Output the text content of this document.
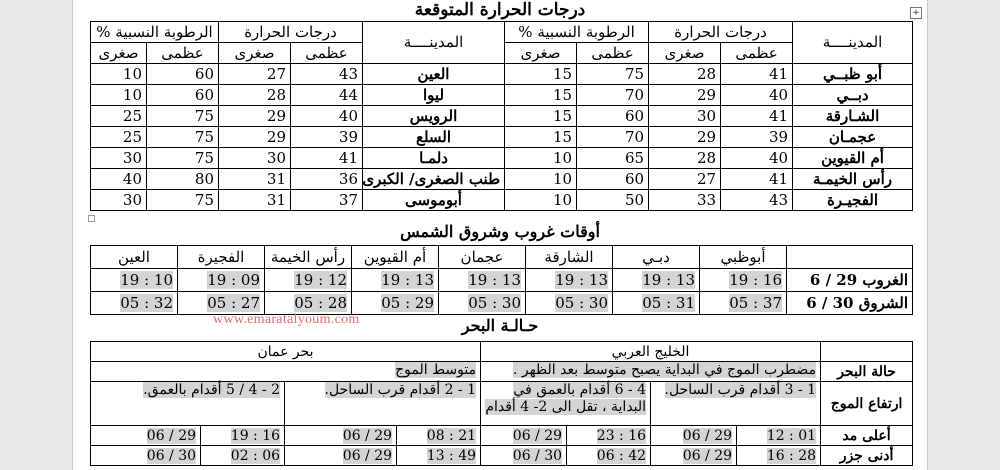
+
درجات الحرارة المتوقعة
المدينــــة	درجات الحرارة		الرطوبة النسبية %		المدينــــة	درجات الحرارة		الرطوبة النسبية %	
	عظمى	صغرى	عظمى	صغرى		عظمى	صغرى	عظمى	صغرى
أبو ظبــي	41	28	75	15	العين	43	27	60	10
دبــي	40	29	70	15	ليوا	44	28	60	10
الشـارقة	41	30	60	15	الرويس	40	29	75	25
عجمـان	39	29	70	15	السلع	39	29	75	25
أم القيوين	40	28	65	10	دلمـا	41	30	75	30
رأس الخيمـة	41	27	60	10	طنب الصغرى/ الكبرى	36	31	80	40
الفجيـرة	43	33	50	10	أبوموسى	37	31	75	30
أوقات غروب وشروق الشمس
	أبوظبي	دبـي	الشارقة	عجمان	أم القيوين	رأس الخيمة	الفجيرة	العين
الغروب 29 / 6	19 : 16	19 : 13	19 : 13	19 : 13	19 : 13	19 : 12	19 : 09	19 : 10
الشروق 30 / 6	05 : 37	05 : 31	05 : 30	05 : 30	05 : 29	05 : 28	05 : 27	05 : 32
www.emaratalyoum.com	حـالـة البحر
	الخليج العربي				بحر عمان			
حالة البحر	مضطرب الموج في البداية يصبح متوسط بعد الظهر .				متوسط الموج			
ارتفاع الموج	1 - 3 أقدام قرب الساحل.		4 - 6 أقدام بالعمق في البداية ، تقل الى 2- 4 أقدام		1 - 2 أقدام قرب الساحل.		2 - 4 / 5 أقدام بالعمق.	
أعلى مد	12 : 01	06 / 29	23 : 16	06 / 29	08 : 21	06 / 29	19 : 16	06 / 29
أدنى جزر	16 : 28	06 / 29	06 : 42	06 / 30	13 : 49	06 / 29	02 : 06	06 / 30
